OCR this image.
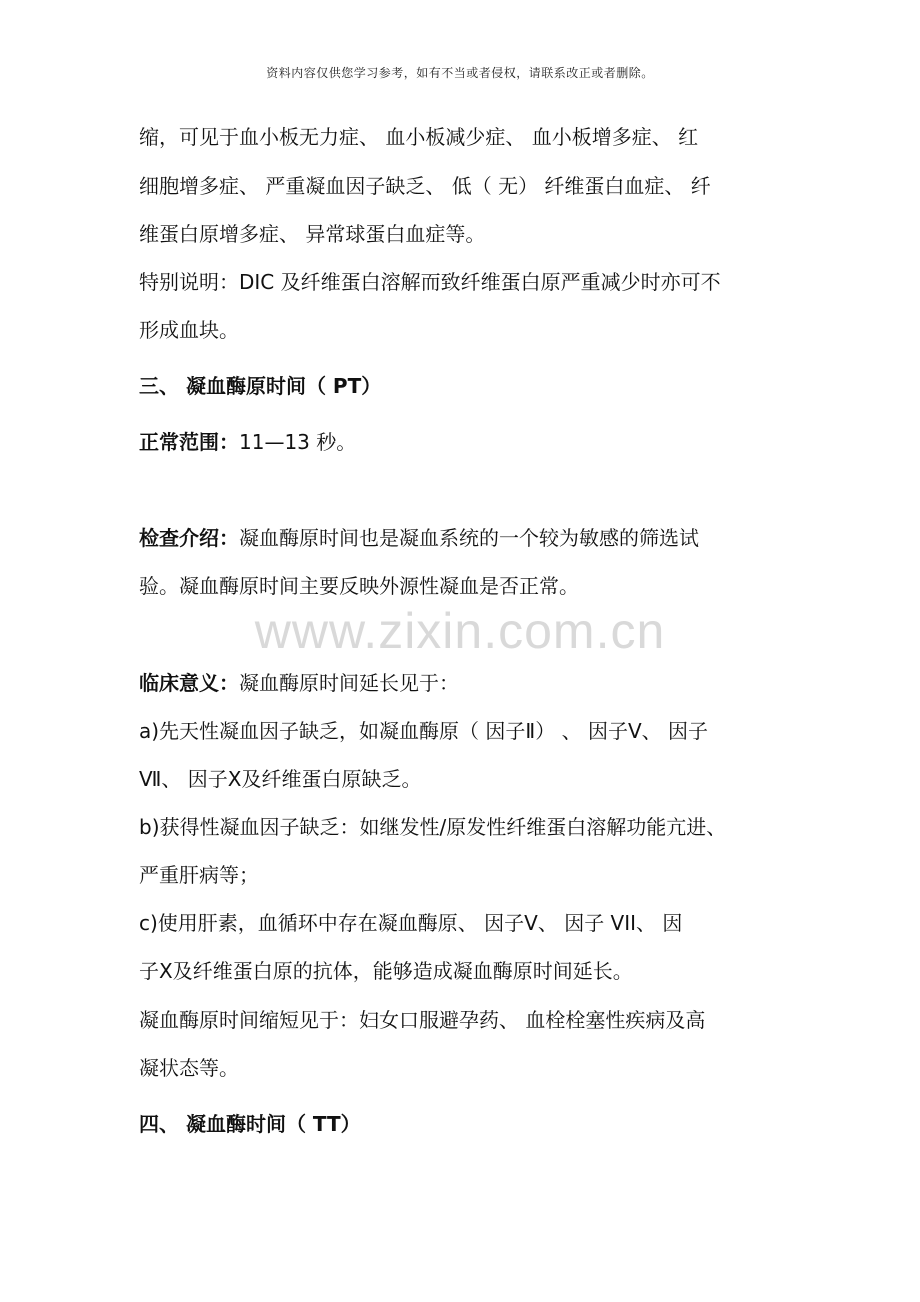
资料内容仅供您学习参考，如有不当或者侵权，请联系改正或者删除。
www.zixin.com.cn
缩，可见于血小板无力症、 血小板减少症、 血小板增多症、 红
细胞增多症、 严重凝血因子缺乏、 低（ 无） 纤维蛋白血症、 纤
维蛋白原增多症、 异常球蛋白血症等。
特别说明：DIC 及纤维蛋白溶解而致纤维蛋白原严重减少时亦可不
形成血块。
三、 凝血酶原时间（ PT）
正常范围：11—13 秒。
检查介绍：凝血酶原时间也是凝血系统的一个较为敏感的筛选试
验。凝血酶原时间主要反映外源性凝血是否正常。
临床意义：凝血酶原时间延长见于：
a)先天性凝血因子缺乏，如凝血酶原（ 因子Ⅱ） 、 因子Ⅴ、 因子
Ⅶ、 因子Ⅹ及纤维蛋白原缺乏。
b)获得性凝血因子缺乏：如继发性/原发性纤维蛋白溶解功能亢进、
严重肝病等；
c)使用肝素，血循环中存在凝血酶原、 因子Ⅴ、 因子 VII、 因
子Ⅹ及纤维蛋白原的抗体，能够造成凝血酶原时间延长。
凝血酶原时间缩短见于：妇女口服避孕药、 血栓栓塞性疾病及高
凝状态等。
四、 凝血酶时间（ TT）
